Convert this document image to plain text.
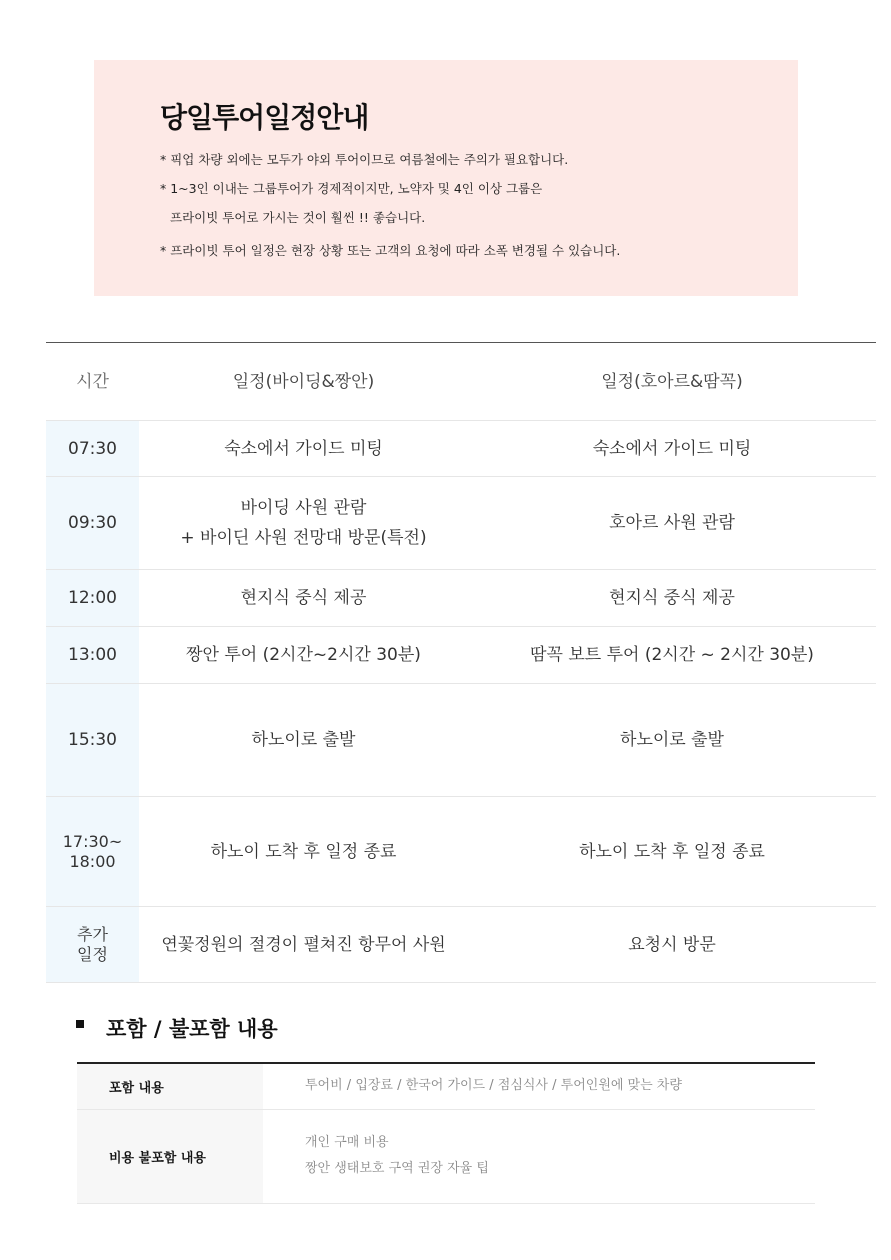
당일투어일정안내
* 픽업 차량 외에는 모두가 야외 투어이므로 여름철에는 주의가 필요합니다.
* 1~3인 이내는 그룹투어가 경제적이지만, 노약자 및 4인 이상 그룹은
프라이빗 투어로 가시는 것이 훨씬 !! 좋습니다.
* 프라이빗 투어 일정은 현장 상황 또는 고객의 요청에 따라 소폭 변경될 수 있습니다.
시간	일정(바이딩&짱안)	일정(호아르&땀꼭)

07:30	숙소에서 가이드 미팅	숙소에서 가이드 미팅

09:30	바이딩 사원 관람
+ 바이딘 사원 전망대 방문(특전)	호아르 사원 관람

12:00	현지식 중식 제공	현지식 중식 제공

13:00	짱안 투어 (2시간~2시간 30분)	땀꼭 보트 투어 (2시간 ~ 2시간 30분)

15:30	하노이로 출발	하노이로 출발

17:30~
18:00	하노이 도착 후 일정 종료	하노이 도착 후 일정 종료

추가
일정	연꽃정원의 절경이 펼쳐진 항무어 사원	요청시 방문
포함 / 불포함 내용
포함 내용	투어비 / 입장료 / 한국어 가이드 / 점심식사 / 투어인원에 맞는 차량

비용 불포함 내용	개인 구매 비용
짱안 생태보호 구역 권장 자율 팁
